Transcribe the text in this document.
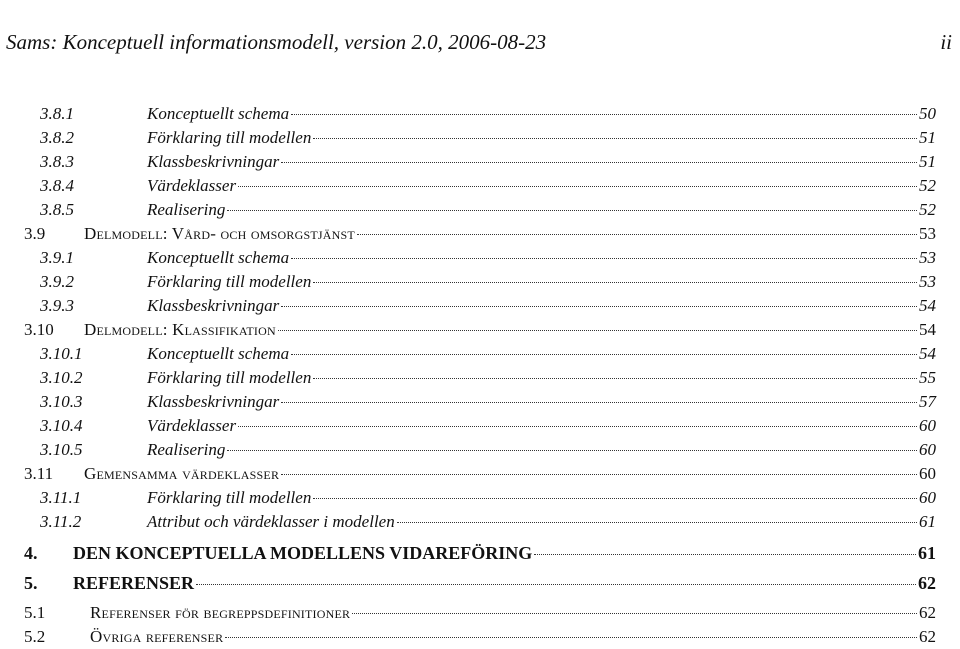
Sams: Konceptuell informationsmodell, version 2.0, 2006-08-23	ii
3.8.1	Konceptuellt schema	50
3.8.2	Förklaring till modellen	51
3.8.3	Klassbeskrivningar	51
3.8.4	Värdeklasser	52
3.8.5	Realisering	52
3.9 Delmodell: Vård- och omsorgstjänst	53
3.9.1	Konceptuellt schema	53
3.9.2	Förklaring till modellen	53
3.9.3	Klassbeskrivningar	54
3.10 Delmodell: Klassifikation	54
3.10.1	Konceptuellt schema	54
3.10.2	Förklaring till modellen	55
3.10.3	Klassbeskrivningar	57
3.10.4	Värdeklasser	60
3.10.5	Realisering	60
3.11 Gemensamma värdeklasser	60
3.11.1	Förklaring till modellen	60
3.11.2	Attribut och värdeklasser i modellen	61
4. DEN KONCEPTUELLA MODELLENS VIDAREFÖRING	61
5. REFERENSER	62
5.1	Referenser för begreppsdefinitioner	62
5.2	Övriga referenser	62
